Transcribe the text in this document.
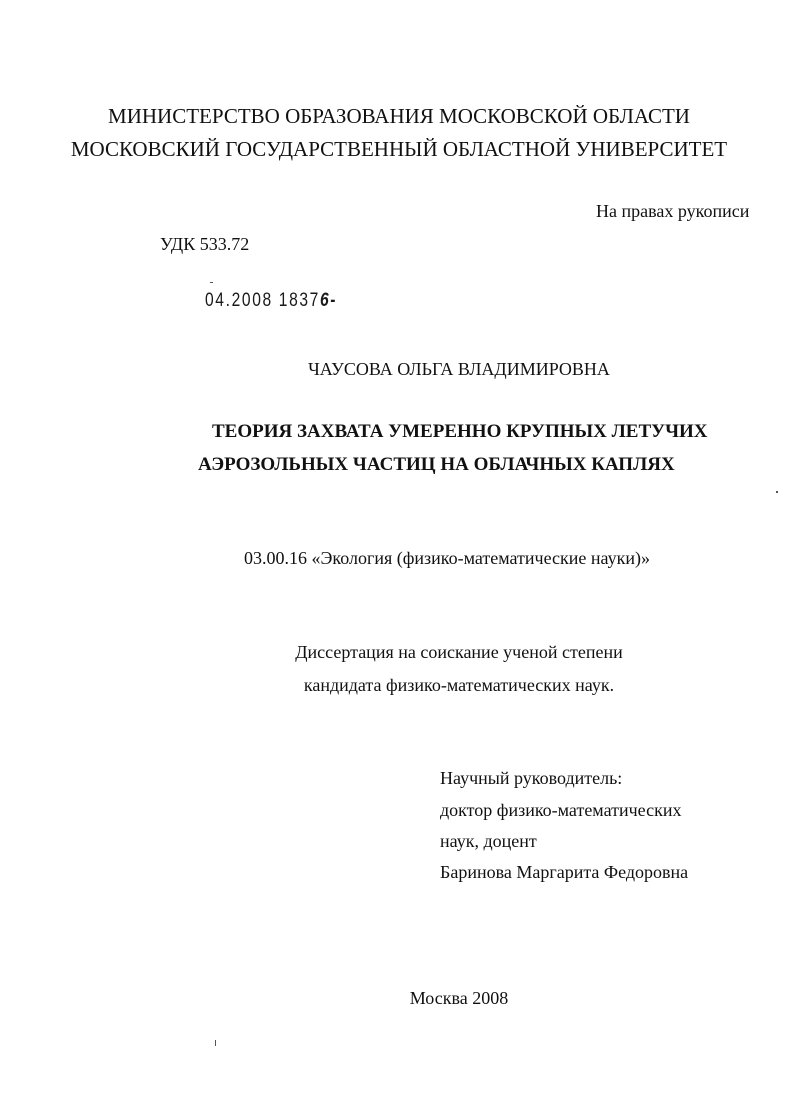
МИНИСТЕРСТВО ОБРАЗОВАНИЯ МОСКОВСКОЙ ОБЛАСТИ
МОСКОВСКИЙ ГОСУДАРСТВЕННЫЙ ОБЛАСТНОЙ УНИВЕРСИТЕТ
На правах рукописи
УДК 533.72
04.2008 18376-
ЧАУСОВА ОЛЬГА ВЛАДИМИРОВНА
ТЕОРИЯ ЗАХВАТА УМЕРЕННО КРУПНЫХ ЛЕТУЧИХ
АЭРОЗОЛЬНЫХ ЧАСТИЦ НА ОБЛАЧНЫХ КАПЛЯХ
03.00.16 «Экология (физико-математические науки)»
Диссертация на соискание ученой степени
кандидата физико-математических наук.
Научный руководитель:
доктор физико-математических
наук, доцент
Баринова Маргарита Федоровна
Москва 2008
